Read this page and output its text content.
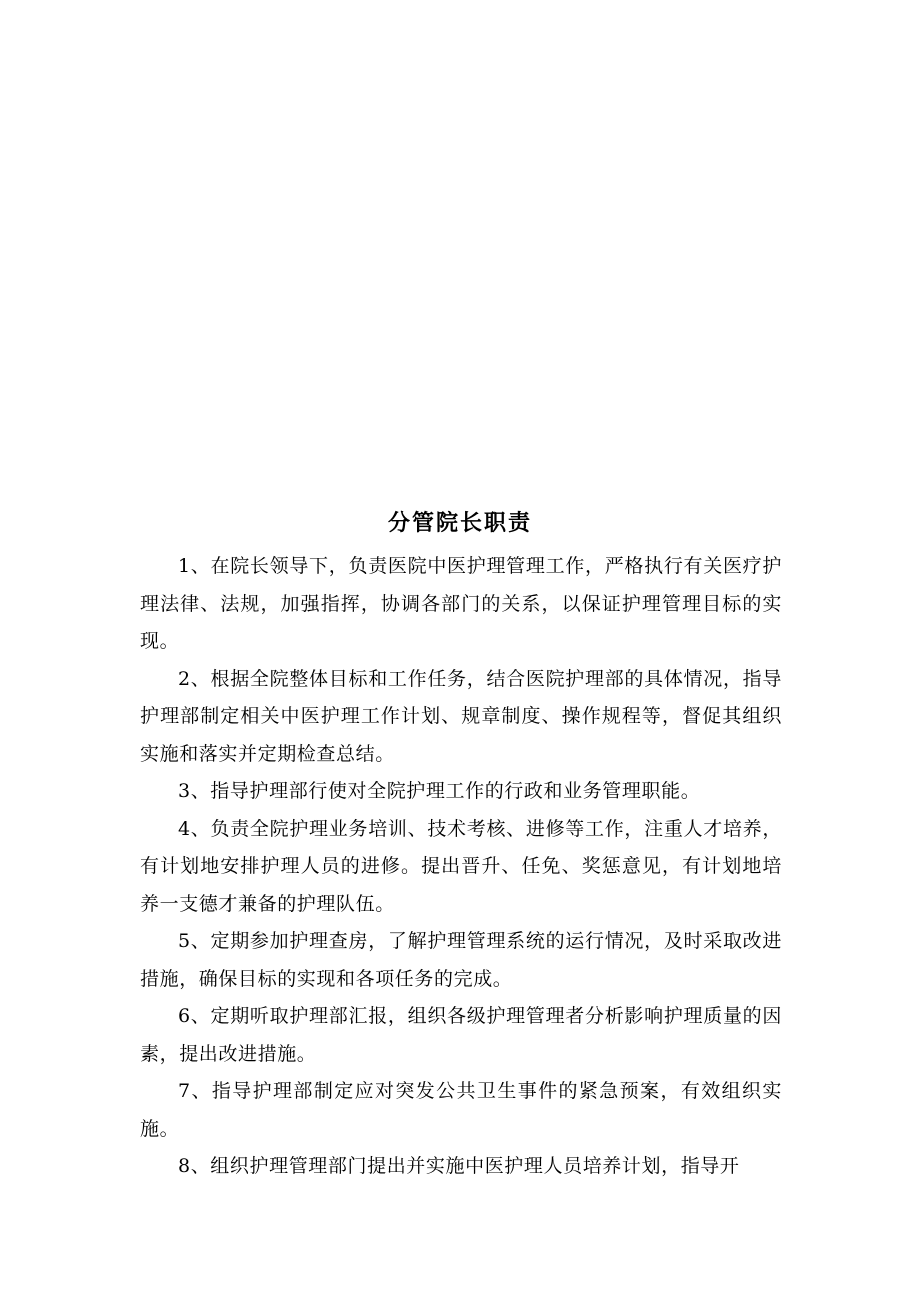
分管院长职责

1、在院长领导下，负责医院中医护理管理工作，严格执行有关医疗护理法律、法规，加强指挥，协调各部门的关系，以保证护理管理目标的实现。

2、根据全院整体目标和工作任务，结合医院护理部的具体情况，指导护理部制定相关中医护理工作计划、规章制度、操作规程等，督促其组织实施和落实并定期检查总结。

3、指导护理部行使对全院护理工作的行政和业务管理职能。

4、负责全院护理业务培训、技术考核、进修等工作，注重人才培养，有计划地安排护理人员的进修。提出晋升、任免、奖惩意见，有计划地培养一支德才兼备的护理队伍。

5、定期参加护理查房，了解护理管理系统的运行情况，及时采取改进措施，确保目标的实现和各项任务的完成。

6、定期听取护理部汇报，组织各级护理管理者分析影响护理质量的因素，提出改进措施。

7、指导护理部制定应对突发公共卫生事件的紧急预案，有效组织实施。

8、组织护理管理部门提出并实施中医护理人员培养计划，指导开
